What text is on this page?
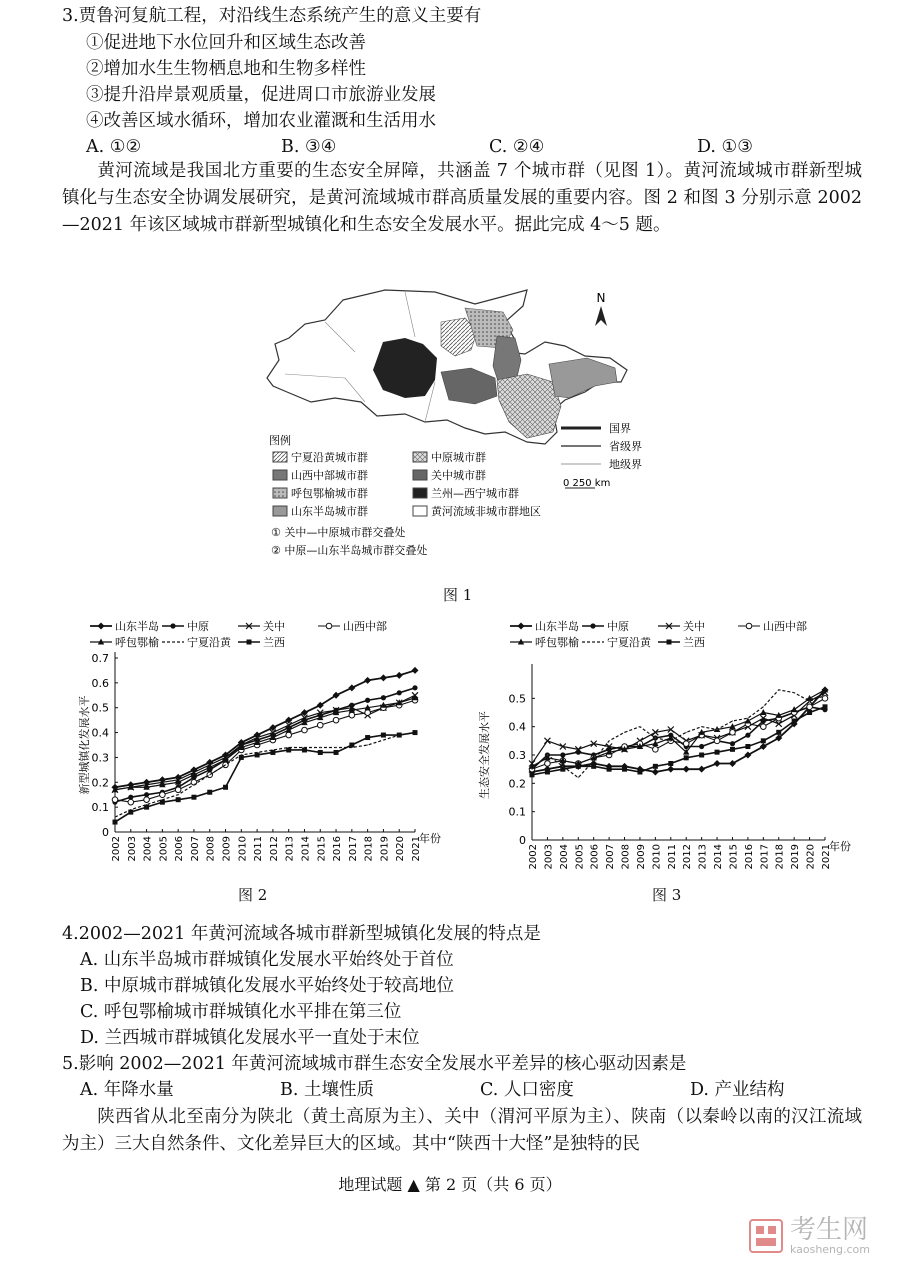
3.贾鲁河复航工程，对沿线生态系统产生的意义主要有
①促进地下水位回升和区域生态改善
②增加水生生物栖息地和生物多样性
③提升沿岸景观质量，促进周口市旅游业发展
④改善区域水循环，增加农业灌溉和生活用水
A. ①②	B. ③④	C. ②④	D. ①③
黄河流域是我国北方重要的生态安全屏障，共涵盖 7 个城市群（见图 1）。黄河流域城市群新型城镇化与生态安全协调发展研究，是黄河流域城市群高质量发展的重要内容。图 2 和图 3 分别示意 2002—2021 年该区域城市群新型城镇化和生态安全发展水平。据此完成 4～5 题。
N
国界
省级界
地级界
0 250 km
图例
宁夏沿黄城市群	中原城市群
山西中部城市群	关中城市群
呼包鄂榆城市群	兰州—西宁城市群
山东半岛城市群	黄河流域非城市群地区
① 关中—中原城市群交叠处
② 中原—山东半岛城市群交叠处
图 1
山东半岛	中原	关中	山西中部
呼包鄂榆	宁夏沿黄	兰西
0
0.1
0.2
0.3
0.4
0.5
0.6
0.7
2002 2003 2004 2005 2006 2007 2008 2009 2010 2011 2012 2013 2014 2015 2016 2017 2018 2019 2020 2021
年份
新型城镇化发展水平
图 2
山东半岛	中原	关中	山西中部
呼包鄂榆	宁夏沿黄	兰西
0
0.1
0.2
0.3
0.4
0.5
2002 2003 2004 2005 2006 2007 2008 2009 2010 2011 2012 2013 2014 2015 2016 2017 2018 2019 2020 2021
年份
生态安全发展水平
图 3
4.2002—2021 年黄河流域各城市群新型城镇化发展的特点是
A. 山东半岛城市群城镇化发展水平始终处于首位
B. 中原城市群城镇化发展水平始终处于较高地位
C. 呼包鄂榆城市群城镇化水平排在第三位
D. 兰西城市群城镇化发展水平一直处于末位
5.影响 2002—2021 年黄河流域城市群生态安全发展水平差异的核心驱动因素是
A. 年降水量	B. 土壤性质	C. 人口密度	D. 产业结构
陕西省从北至南分为陕北（黄土高原为主）、关中（渭河平原为主）、陕南（以秦岭以南的汉江流域为主）三大自然条件、文化差异巨大的区域。其中“陕西十大怪”是独特的民
地理试题 ▲ 第 2 页（共 6 页）
考生网
kaosheng.com
